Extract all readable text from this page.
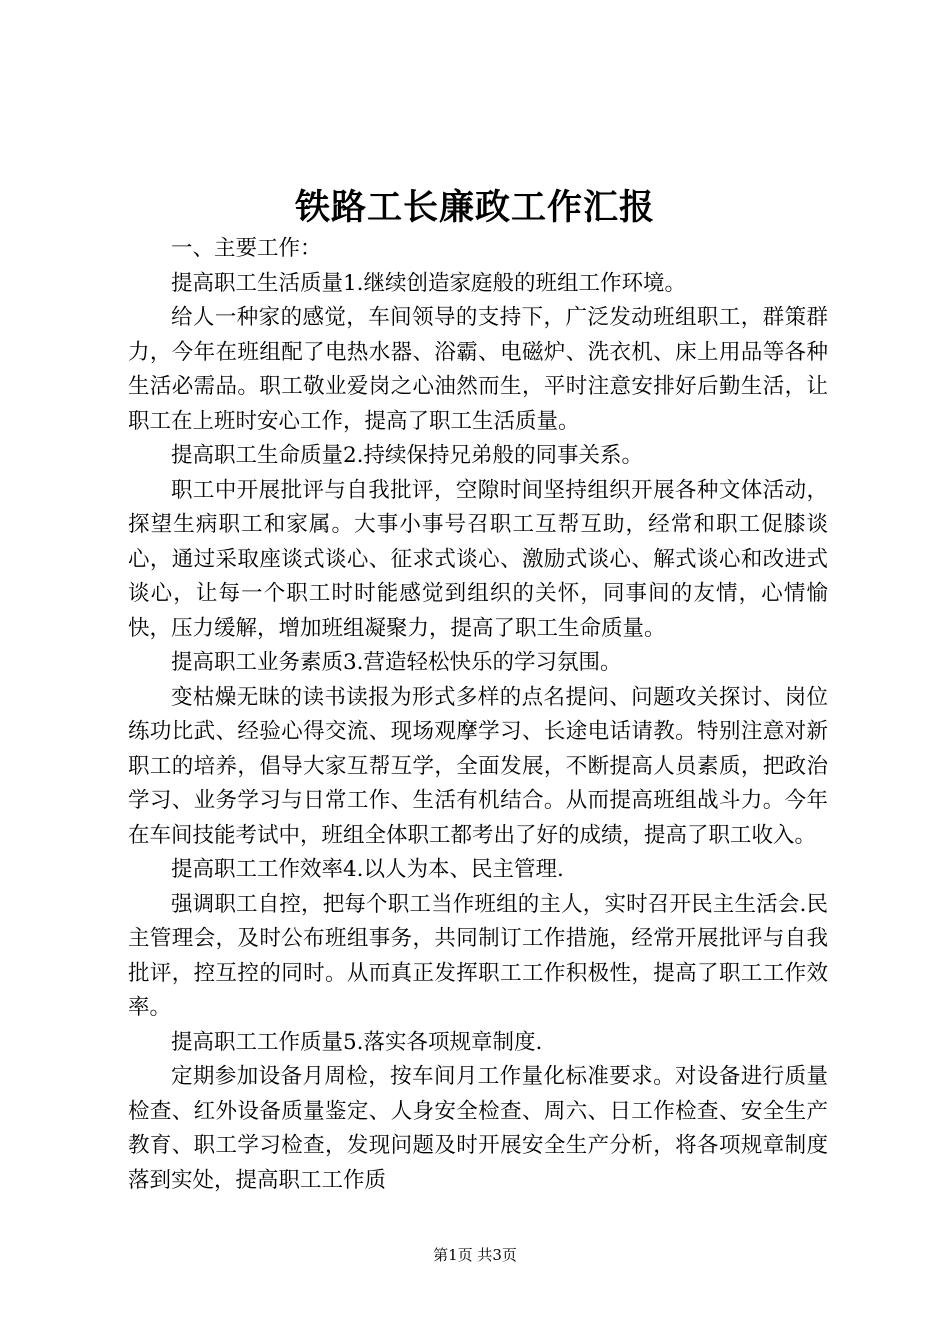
铁路工长廉政工作汇报

一、主要工作：

提高职工生活质量1.继续创造家庭般的班组工作环境。

给人一种家的感觉，车间领导的支持下，广泛发动班组职工，群策群力，今年在班组配了电热水器、浴霸、电磁炉、洗衣机、床上用品等各种生活必需品。职工敬业爱岗之心油然而生，平时注意安排好后勤生活，让职工在上班时安心工作，提高了职工生活质量。

提高职工生命质量2.持续保持兄弟般的同事关系。

职工中开展批评与自我批评，空隙时间坚持组织开展各种文体活动，探望生病职工和家属。大事小事号召职工互帮互助，经常和职工促膝谈心，通过采取座谈式谈心、征求式谈心、激励式谈心、解式谈心和改进式谈心，让每一个职工时时能感觉到组织的关怀，同事间的友情，心情愉快，压力缓解，增加班组凝聚力，提高了职工生命质量。

提高职工业务素质3.营造轻松快乐的学习氛围。

变枯燥无昧的读书读报为形式多样的点名提问、问题攻关探讨、岗位练功比武、经验心得交流、现场观摩学习、长途电话请教。特别注意对新职工的培养，倡导大家互帮互学，全面发展，不断提高人员素质，把政治学习、业务学习与日常工作、生活有机结合。从而提高班组战斗力。今年在车间技能考试中，班组全体职工都考出了好的成绩，提高了职工收入。

提高职工工作效率4.以人为本、民主管理.

强调职工自控，把每个职工当作班组的主人，实时召开民主生活会.民主管理会，及时公布班组事务，共同制订工作措施，经常开展批评与自我批评，控互控的同时。从而真正发挥职工工作积极性，提高了职工工作效率。

提高职工工作质量5.落实各项规章制度.

定期参加设备月周检，按车间月工作量化标准要求。对设备进行质量检查、红外设备质量鉴定、人身安全检查、周六、日工作检查、安全生产教育、职工学习检查，发现问题及时开展安全生产分析，将各项规章制度落到实处，提高职工工作质

第1页 共3页
